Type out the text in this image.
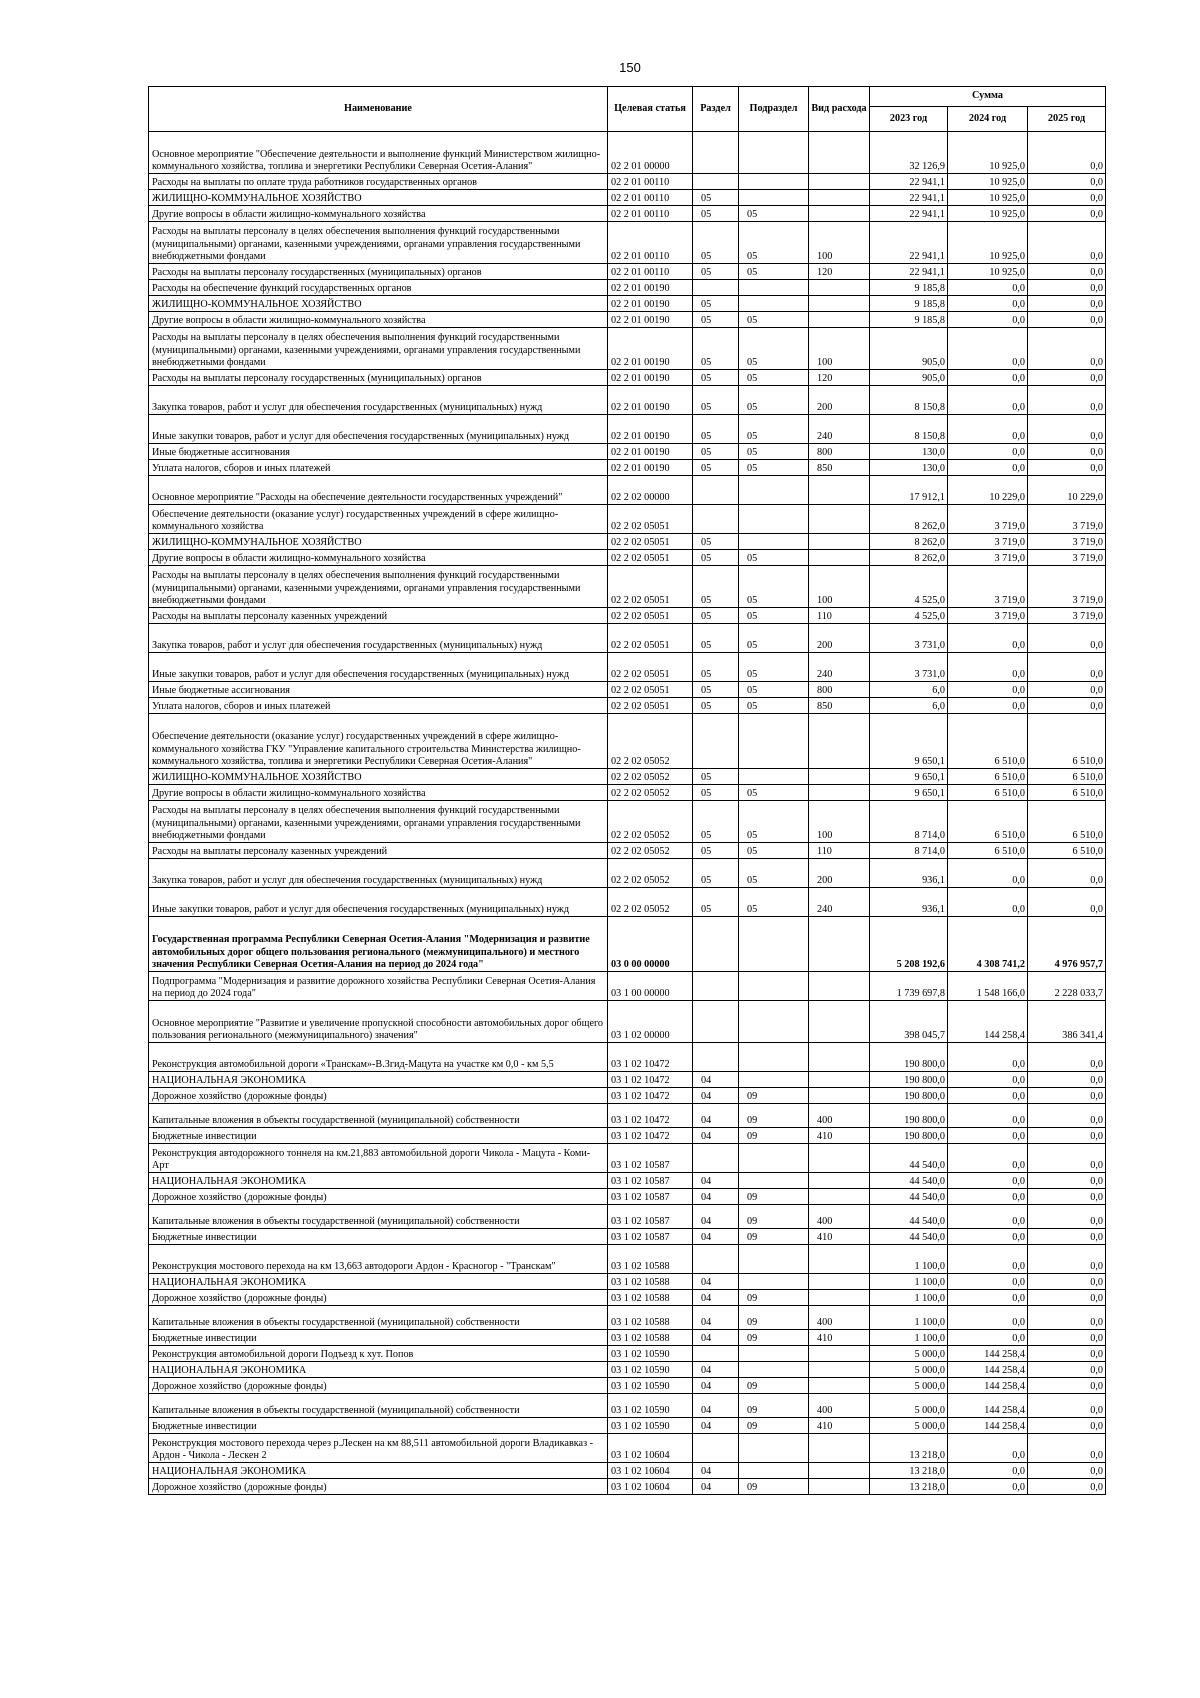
150
Наименование	Целевая статья	Раздел	Подраздел	Вид расхода	Сумма		
					2023 год	2024 год	2025 год
Основное мероприятие "Обеспечение деятельности и выполнение функций Министерством жилищно-коммунального хозяйства, топлива и энергетики Республики Северная Осетия-Алания"	02 2 01 00000				32 126,9	10 925,0	0,0
Расходы на выплаты по оплате труда работников государственных органов	02 2 01 00110				22 941,1	10 925,0	0,0
ЖИЛИЩНО-КОММУНАЛЬНОЕ ХОЗЯЙСТВО	02 2 01 00110	05			22 941,1	10 925,0	0,0
Другие вопросы в области жилищно-коммунального хозяйства	02 2 01 00110	05	05		22 941,1	10 925,0	0,0
Расходы на выплаты персоналу в целях обеспечения выполнения функций государственными (муниципальными) органами, казенными учреждениями, органами управления государственными внебюджетными фондами	02 2 01 00110	05	05	100	22 941,1	10 925,0	0,0
Расходы на выплаты персоналу государственных (муниципальных) органов	02 2 01 00110	05	05	120	22 941,1	10 925,0	0,0
Расходы на обеспечение функций государственных органов	02 2 01 00190				9 185,8	0,0	0,0
ЖИЛИЩНО-КОММУНАЛЬНОЕ ХОЗЯЙСТВО	02 2 01 00190	05			9 185,8	0,0	0,0
Другие вопросы в области жилищно-коммунального хозяйства	02 2 01 00190	05	05		9 185,8	0,0	0,0
Расходы на выплаты персоналу в целях обеспечения выполнения функций государственными (муниципальными) органами, казенными учреждениями, органами управления государственными внебюджетными фондами	02 2 01 00190	05	05	100	905,0	0,0	0,0
Расходы на выплаты персоналу государственных (муниципальных) органов	02 2 01 00190	05	05	120	905,0	0,0	0,0
Закупка товаров, работ и услуг для обеспечения государственных (муниципальных) нужд	02 2 01 00190	05	05	200	8 150,8	0,0	0,0
Иные закупки товаров, работ и услуг для обеспечения государственных (муниципальных) нужд	02 2 01 00190	05	05	240	8 150,8	0,0	0,0
Иные бюджетные ассигнования	02 2 01 00190	05	05	800	130,0	0,0	0,0
Уплата налогов, сборов и иных платежей	02 2 01 00190	05	05	850	130,0	0,0	0,0
Основное мероприятие "Расходы на обеспечение деятельности государственных учреждений"	02 2 02 00000				17 912,1	10 229,0	10 229,0
Обеспечение деятельности (оказание услуг) государственных учреждений в сфере жилищно-коммунального хозяйства	02 2 02 05051				8 262,0	3 719,0	3 719,0
ЖИЛИЩНО-КОММУНАЛЬНОЕ ХОЗЯЙСТВО	02 2 02 05051	05			8 262,0	3 719,0	3 719,0
Другие вопросы в области жилищно-коммунального хозяйства	02 2 02 05051	05	05		8 262,0	3 719,0	3 719,0
Расходы на выплаты персоналу в целях обеспечения выполнения функций государственными (муниципальными) органами, казенными учреждениями, органами управления государственными внебюджетными фондами	02 2 02 05051	05	05	100	4 525,0	3 719,0	3 719,0
Расходы на выплаты персоналу казенных учреждений	02 2 02 05051	05	05	110	4 525,0	3 719,0	3 719,0
Закупка товаров, работ и услуг для обеспечения государственных (муниципальных) нужд	02 2 02 05051	05	05	200	3 731,0	0,0	0,0
Иные закупки товаров, работ и услуг для обеспечения государственных (муниципальных) нужд	02 2 02 05051	05	05	240	3 731,0	0,0	0,0
Иные бюджетные ассигнования	02 2 02 05051	05	05	800	6,0	0,0	0,0
Уплата налогов, сборов и иных платежей	02 2 02 05051	05	05	850	6,0	0,0	0,0
Обеспечение деятельности (оказание услуг) государственных учреждений в сфере жилищно-коммунального хозяйства ГКУ "Управление капитального строительства Министерства жилищно-коммунального хозяйства, топлива и энергетики Республики Северная Осетия-Алания"	02 2 02 05052				9 650,1	6 510,0	6 510,0
ЖИЛИЩНО-КОММУНАЛЬНОЕ ХОЗЯЙСТВО	02 2 02 05052	05			9 650,1	6 510,0	6 510,0
Другие вопросы в области жилищно-коммунального хозяйства	02 2 02 05052	05	05		9 650,1	6 510,0	6 510,0
Расходы на выплаты персоналу в целях обеспечения выполнения функций государственными (муниципальными) органами, казенными учреждениями, органами управления государственными внебюджетными фондами	02 2 02 05052	05	05	100	8 714,0	6 510,0	6 510,0
Расходы на выплаты персоналу казенных учреждений	02 2 02 05052	05	05	110	8 714,0	6 510,0	6 510,0
Закупка товаров, работ и услуг для обеспечения государственных (муниципальных) нужд	02 2 02 05052	05	05	200	936,1	0,0	0,0
Иные закупки товаров, работ и услуг для обеспечения государственных (муниципальных) нужд	02 2 02 05052	05	05	240	936,1	0,0	0,0
Государственная программа Республики Северная Осетия-Алания "Модернизация и развитие автомобильных дорог общего пользования регионального (межмуниципального) и местного значения Республики Северная Осетия-Алания на период до 2024 года"	03 0 00 00000				5 208 192,6	4 308 741,2	4 976 957,7
Подпрограмма "Модернизация и развитие дорожного хозяйства Республики Северная Осетия-Алания на период до 2024 года"	03 1 00 00000				1 739 697,8	1 548 166,0	2 228 033,7
Основное мероприятие "Развитие и увеличение пропускной способности автомобильных дорог общего пользования регионального (межмуниципального) значения"	03 1 02 00000				398 045,7	144 258,4	386 341,4
Реконструкция автомобильной дороги «Транскам»-В.Згид-Мацута на участке км 0,0 - км 5,5	03 1 02 10472				190 800,0	0,0	0,0
НАЦИОНАЛЬНАЯ ЭКОНОМИКА	03 1 02 10472	04			190 800,0	0,0	0,0
Дорожное хозяйство (дорожные фонды)	03 1 02 10472	04	09		190 800,0	0,0	0,0
Капитальные вложения в объекты государственной (муниципальной) собственности	03 1 02 10472	04	09	400	190 800,0	0,0	0,0
Бюджетные инвестиции	03 1 02 10472	04	09	410	190 800,0	0,0	0,0
Реконструкция автодорожного тоннеля на км.21,883 автомобильной дороги Чикола - Мацута - Коми-Арт	03 1 02 10587				44 540,0	0,0	0,0
НАЦИОНАЛЬНАЯ ЭКОНОМИКА	03 1 02 10587	04			44 540,0	0,0	0,0
Дорожное хозяйство (дорожные фонды)	03 1 02 10587	04	09		44 540,0	0,0	0,0
Капитальные вложения в объекты государственной (муниципальной) собственности	03 1 02 10587	04	09	400	44 540,0	0,0	0,0
Бюджетные инвестиции	03 1 02 10587	04	09	410	44 540,0	0,0	0,0
Реконструкция мостового перехода на км 13,663 автодороги Ардон - Красногор - "Транскам"	03 1 02 10588				1 100,0	0,0	0,0
НАЦИОНАЛЬНАЯ ЭКОНОМИКА	03 1 02 10588	04			1 100,0	0,0	0,0
Дорожное хозяйство (дорожные фонды)	03 1 02 10588	04	09		1 100,0	0,0	0,0
Капитальные вложения в объекты государственной (муниципальной) собственности	03 1 02 10588	04	09	400	1 100,0	0,0	0,0
Бюджетные инвестиции	03 1 02 10588	04	09	410	1 100,0	0,0	0,0
Реконструкция автомобильной дороги Подъезд к хут. Попов	03 1 02 10590				5 000,0	144 258,4	0,0
НАЦИОНАЛЬНАЯ ЭКОНОМИКА	03 1 02 10590	04			5 000,0	144 258,4	0,0
Дорожное хозяйство (дорожные фонды)	03 1 02 10590	04	09		5 000,0	144 258,4	0,0
Капитальные вложения в объекты государственной (муниципальной) собственности	03 1 02 10590	04	09	400	5 000,0	144 258,4	0,0
Бюджетные инвестиции	03 1 02 10590	04	09	410	5 000,0	144 258,4	0,0
Реконструкция мостового перехода через р.Лескен на км 88,511 автомобильной дороги Владикавказ - Ардон - Чикола - Лескен 2	03 1 02 10604				13 218,0	0,0	0,0
НАЦИОНАЛЬНАЯ ЭКОНОМИКА	03 1 02 10604	04			13 218,0	0,0	0,0
Дорожное хозяйство (дорожные фонды)	03 1 02 10604	04	09		13 218,0	0,0	0,0
